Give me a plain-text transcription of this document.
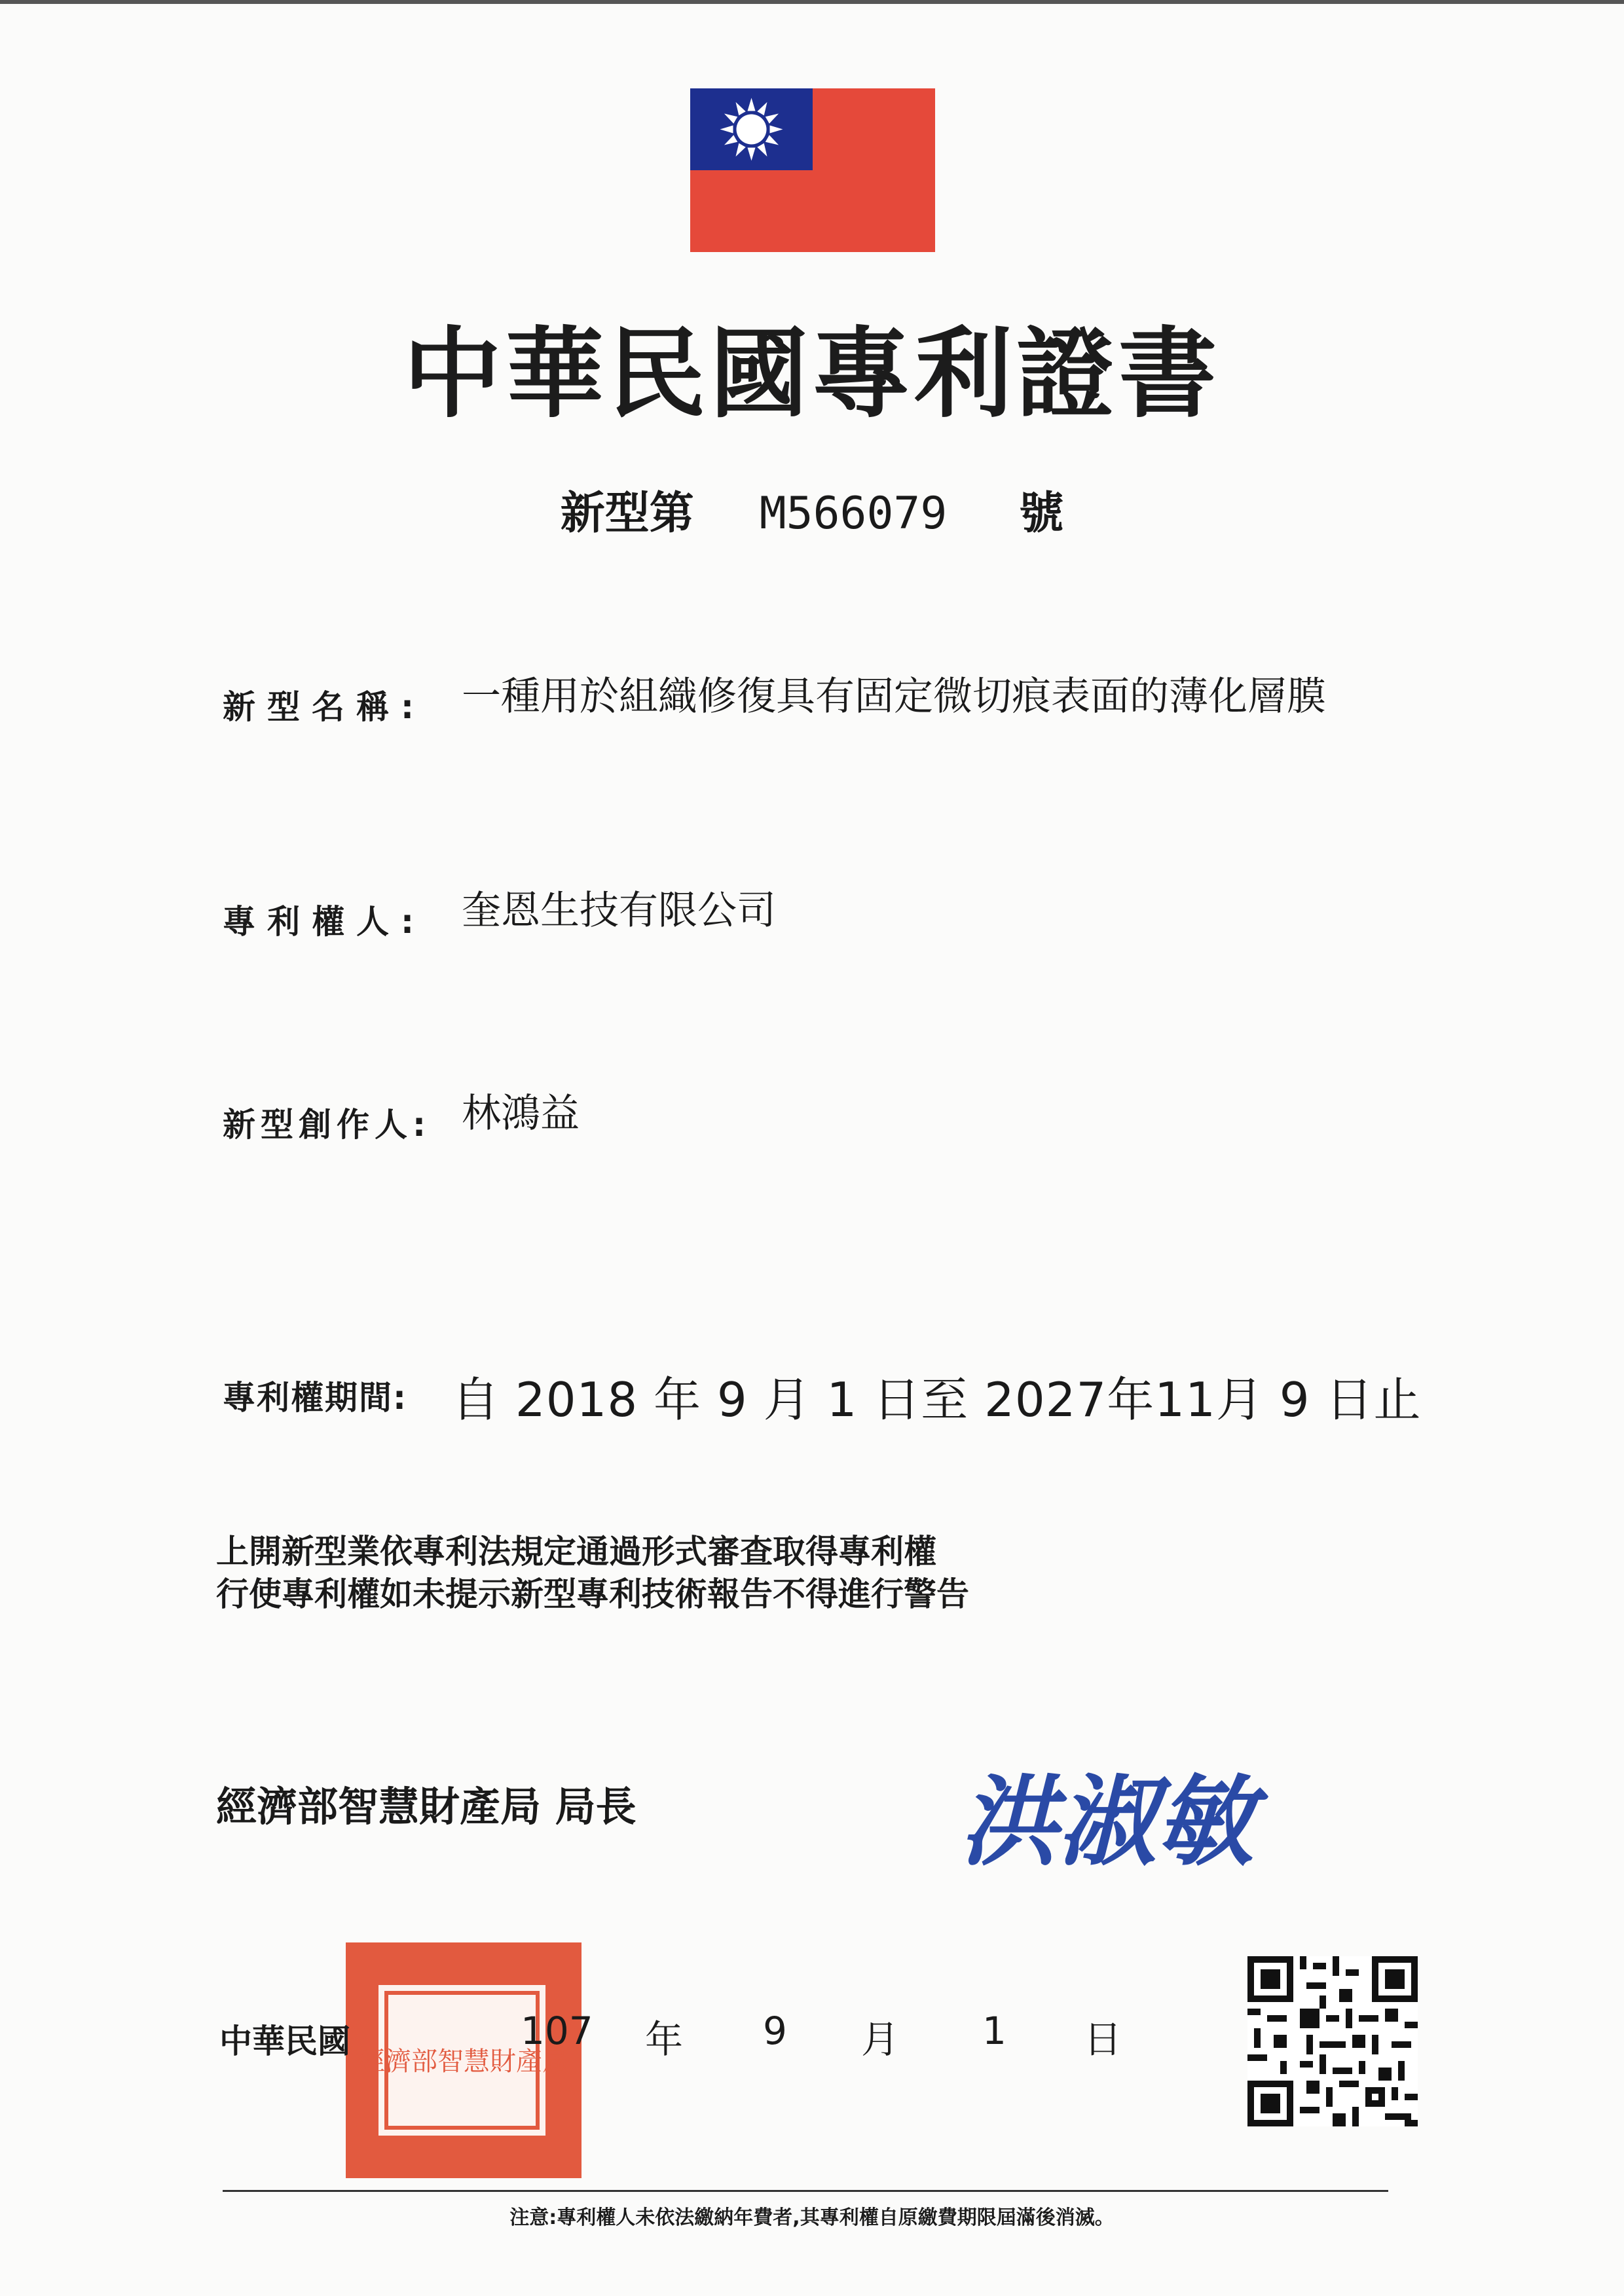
中華民國專利證書
新型第 M566079 號
新型名稱: 一種用於組織修復具有固定微切痕表面的薄化層膜
專利權人: 奎恩生技有限公司
新型創作人: 林鴻益
專利權期間: 自 2018 年 9 月 1 日至 2027年11月 9 日止
上開新型業依專利法規定通過形式審查取得專利權
行使專利權如未提示新型專利技術報告不得進行警告
經濟部智慧財產局 局長	洪淑敏
經濟部智慧財產局
中華民國	107 年 9 月 1 日
注意:專利權人未依法繳納年費者,其專利權自原繳費期限屆滿後消滅。
